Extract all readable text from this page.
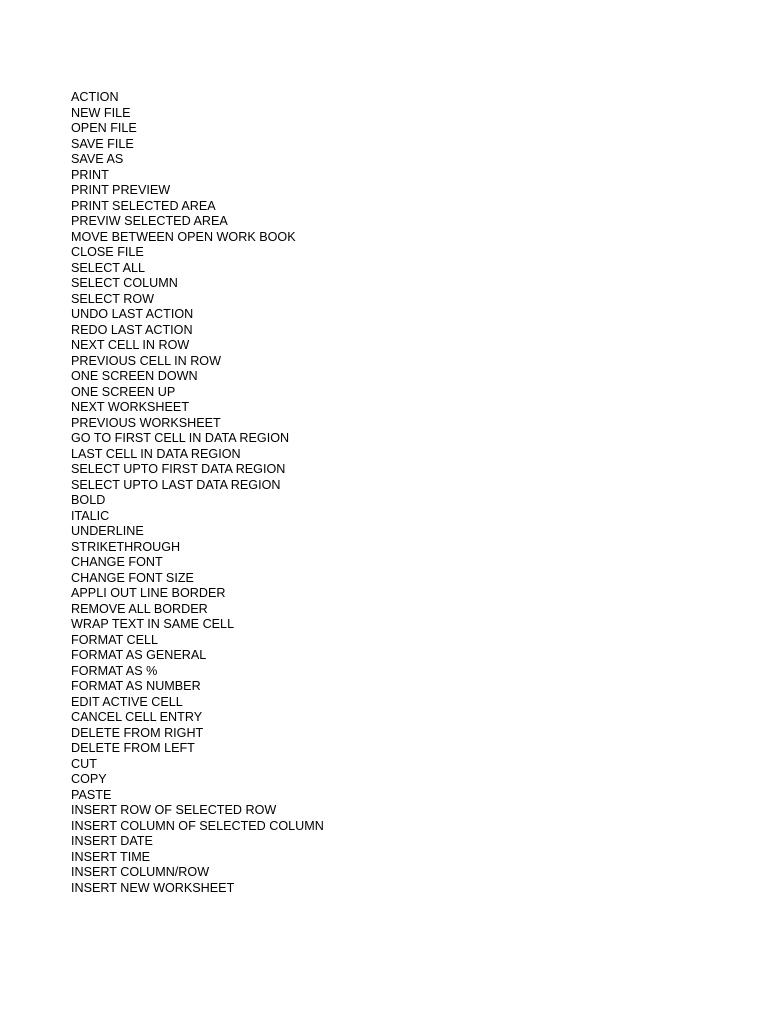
ACTION
NEW FILE
OPEN FILE
SAVE FILE
SAVE AS
PRINT
PRINT PREVIEW
PRINT SELECTED AREA
PREVIW SELECTED AREA
MOVE BETWEEN OPEN WORK BOOK
CLOSE FILE
SELECT ALL
SELECT COLUMN
SELECT ROW
UNDO LAST ACTION
REDO LAST ACTION
NEXT CELL IN ROW
PREVIOUS CELL IN ROW
ONE SCREEN DOWN
ONE SCREEN UP
NEXT WORKSHEET
PREVIOUS WORKSHEET
GO TO FIRST CELL IN DATA REGION
LAST CELL IN DATA REGION
SELECT UPTO FIRST DATA REGION
SELECT UPTO LAST DATA REGION
BOLD
ITALIC
UNDERLINE
STRIKETHROUGH
CHANGE FONT
CHANGE FONT SIZE
APPLI OUT LINE BORDER
REMOVE ALL BORDER
WRAP TEXT IN SAME CELL
FORMAT CELL
FORMAT AS GENERAL
FORMAT AS %
FORMAT AS NUMBER
EDIT ACTIVE CELL
CANCEL CELL ENTRY
DELETE FROM RIGHT
DELETE FROM LEFT
CUT
COPY
PASTE
INSERT ROW OF SELECTED ROW
INSERT COLUMN OF SELECTED COLUMN
INSERT DATE
INSERT TIME
INSERT COLUMN/ROW
INSERT NEW WORKSHEET
